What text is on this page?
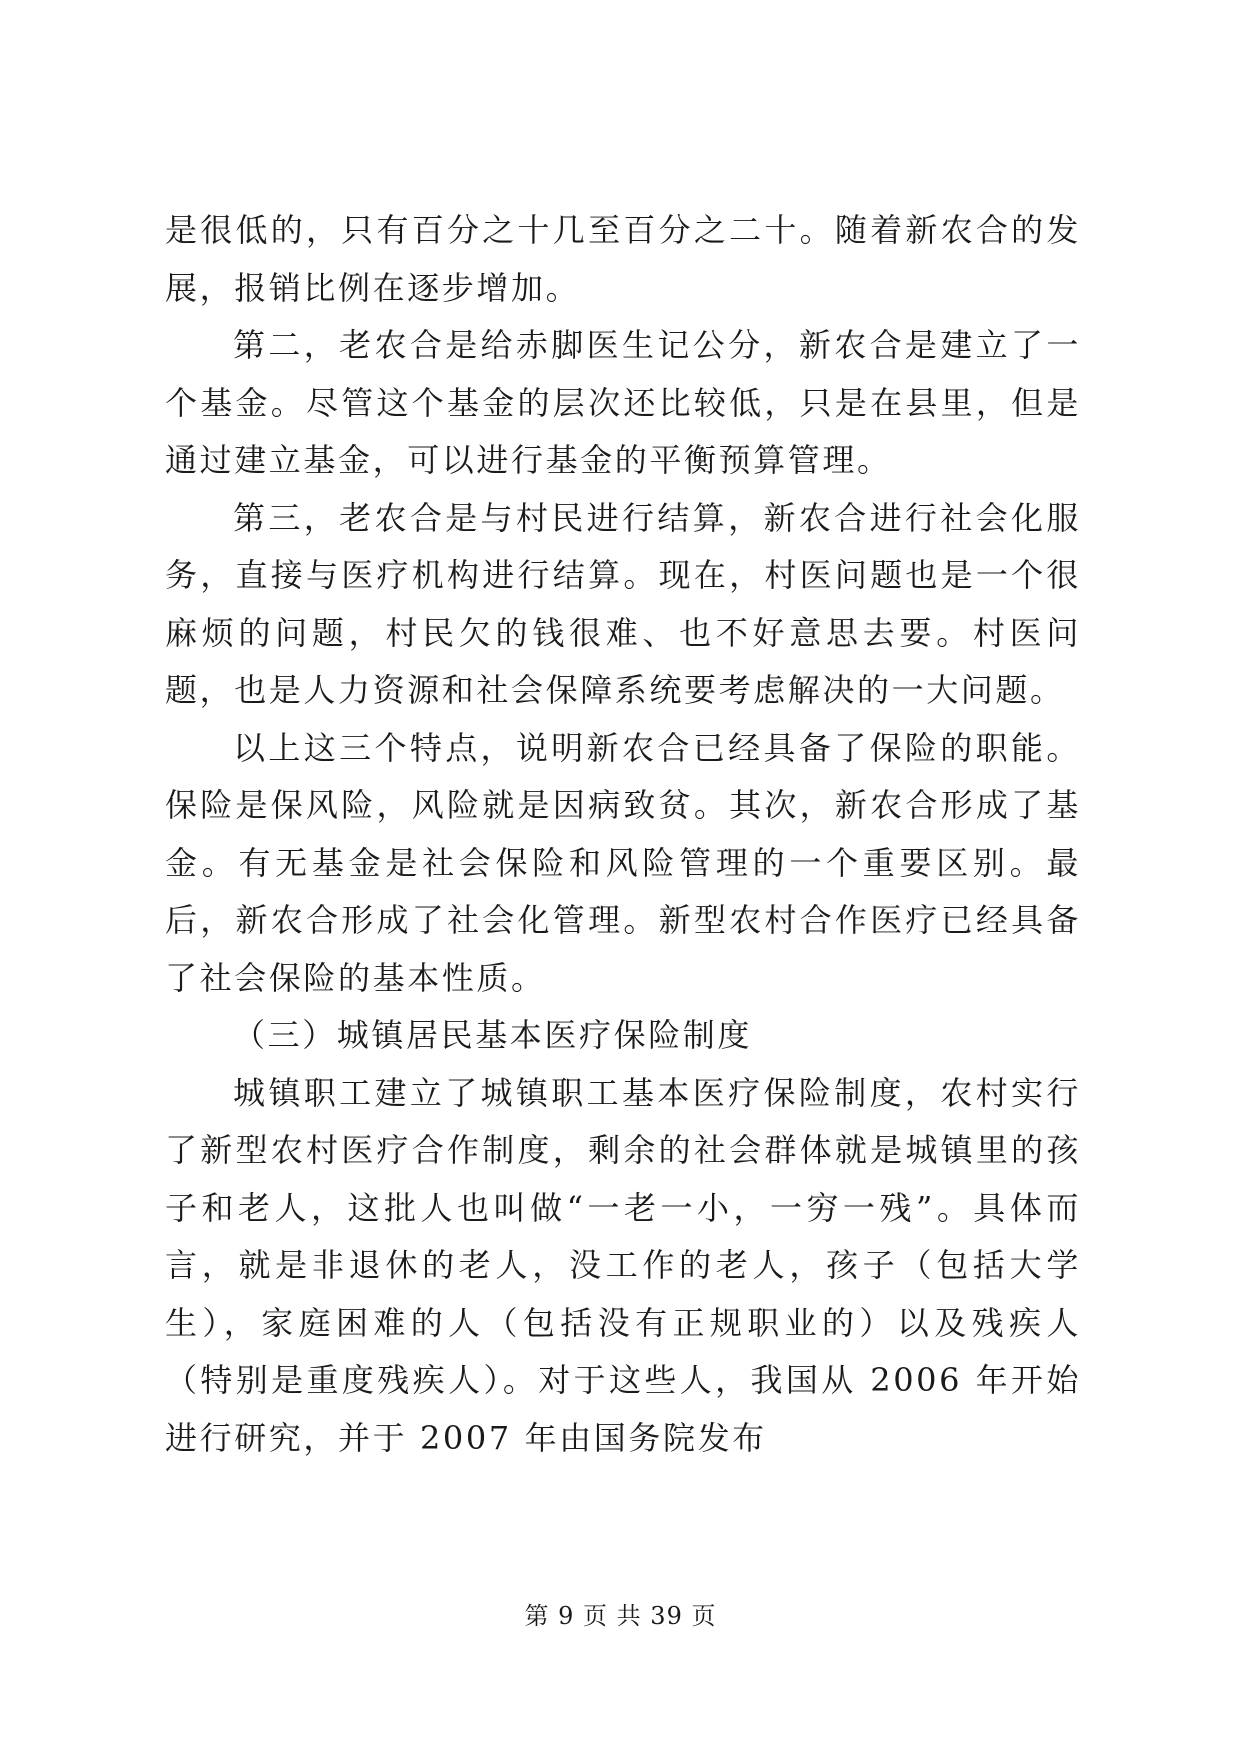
是很低的，只有百分之十几至百分之二十。随着新农合的发展，报销比例在逐步增加。

第二，老农合是给赤脚医生记公分，新农合是建立了一个基金。尽管这个基金的层次还比较低，只是在县里，但是通过建立基金，可以进行基金的平衡预算管理。

第三，老农合是与村民进行结算，新农合进行社会化服务，直接与医疗机构进行结算。现在，村医问题也是一个很麻烦的问题，村民欠的钱很难、也不好意思去要。村医问题，也是人力资源和社会保障系统要考虑解决的一大问题。

以上这三个特点，说明新农合已经具备了保险的职能。保险是保风险，风险就是因病致贫。其次，新农合形成了基金。有无基金是社会保险和风险管理的一个重要区别。最后，新农合形成了社会化管理。新型农村合作医疗已经具备了社会保险的基本性质。

（三）城镇居民基本医疗保险制度

城镇职工建立了城镇职工基本医疗保险制度，农村实行了新型农村医疗合作制度，剩余的社会群体就是城镇里的孩子和老人，这批人也叫做“一老一小，一穷一残”。具体而言，就是非退休的老人，没工作的老人，孩子（包括大学生），家庭困难的人（包括没有正规职业的）以及残疾人（特别是重度残疾人）。对于这些人，我国从 2006 年开始进行研究，并于 2007 年由国务院发布

第 9 页 共 39 页
